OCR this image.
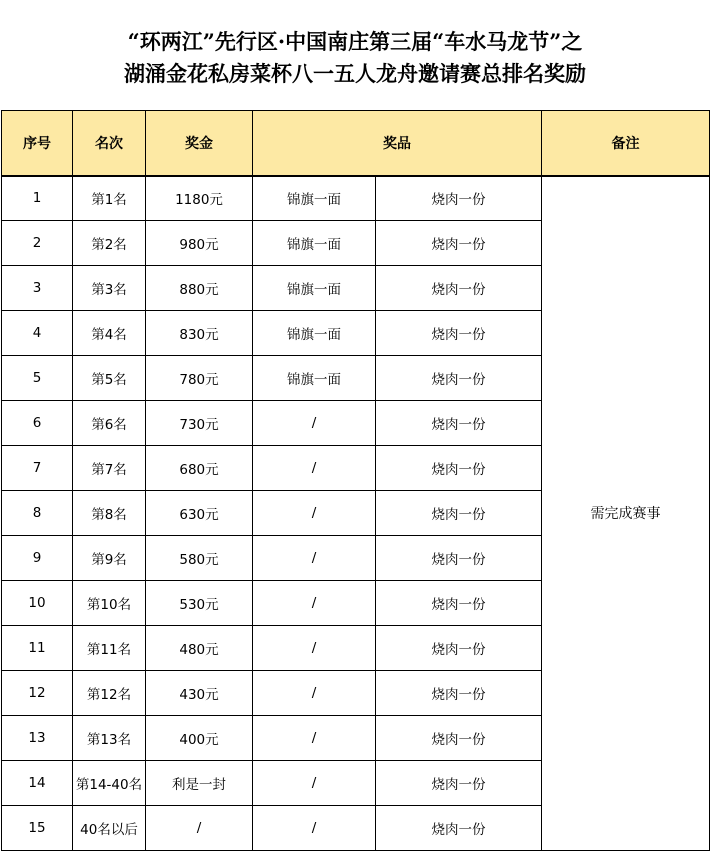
“环两江”先行区·中国南庄第三届“车水马龙节”之
湖涌金花私房菜杯八一五人龙舟邀请赛总排名奖励
序号	名次	奖金	奖品		备注
1	第1名	1180元	锦旗一面	烧肉一份	需完成赛事
2	第2名	980元	锦旗一面	烧肉一份	
3	第3名	880元	锦旗一面	烧肉一份	
4	第4名	830元	锦旗一面	烧肉一份	
5	第5名	780元	锦旗一面	烧肉一份	
6	第6名	730元	/	烧肉一份	
7	第7名	680元	/	烧肉一份	
8	第8名	630元	/	烧肉一份	
9	第9名	580元	/	烧肉一份	
10	第10名	530元	/	烧肉一份	
11	第11名	480元	/	烧肉一份	
12	第12名	430元	/	烧肉一份	
13	第13名	400元	/	烧肉一份	
14	第14-40名	利是一封	/	烧肉一份	
15	40名以后	/	/	烧肉一份	
